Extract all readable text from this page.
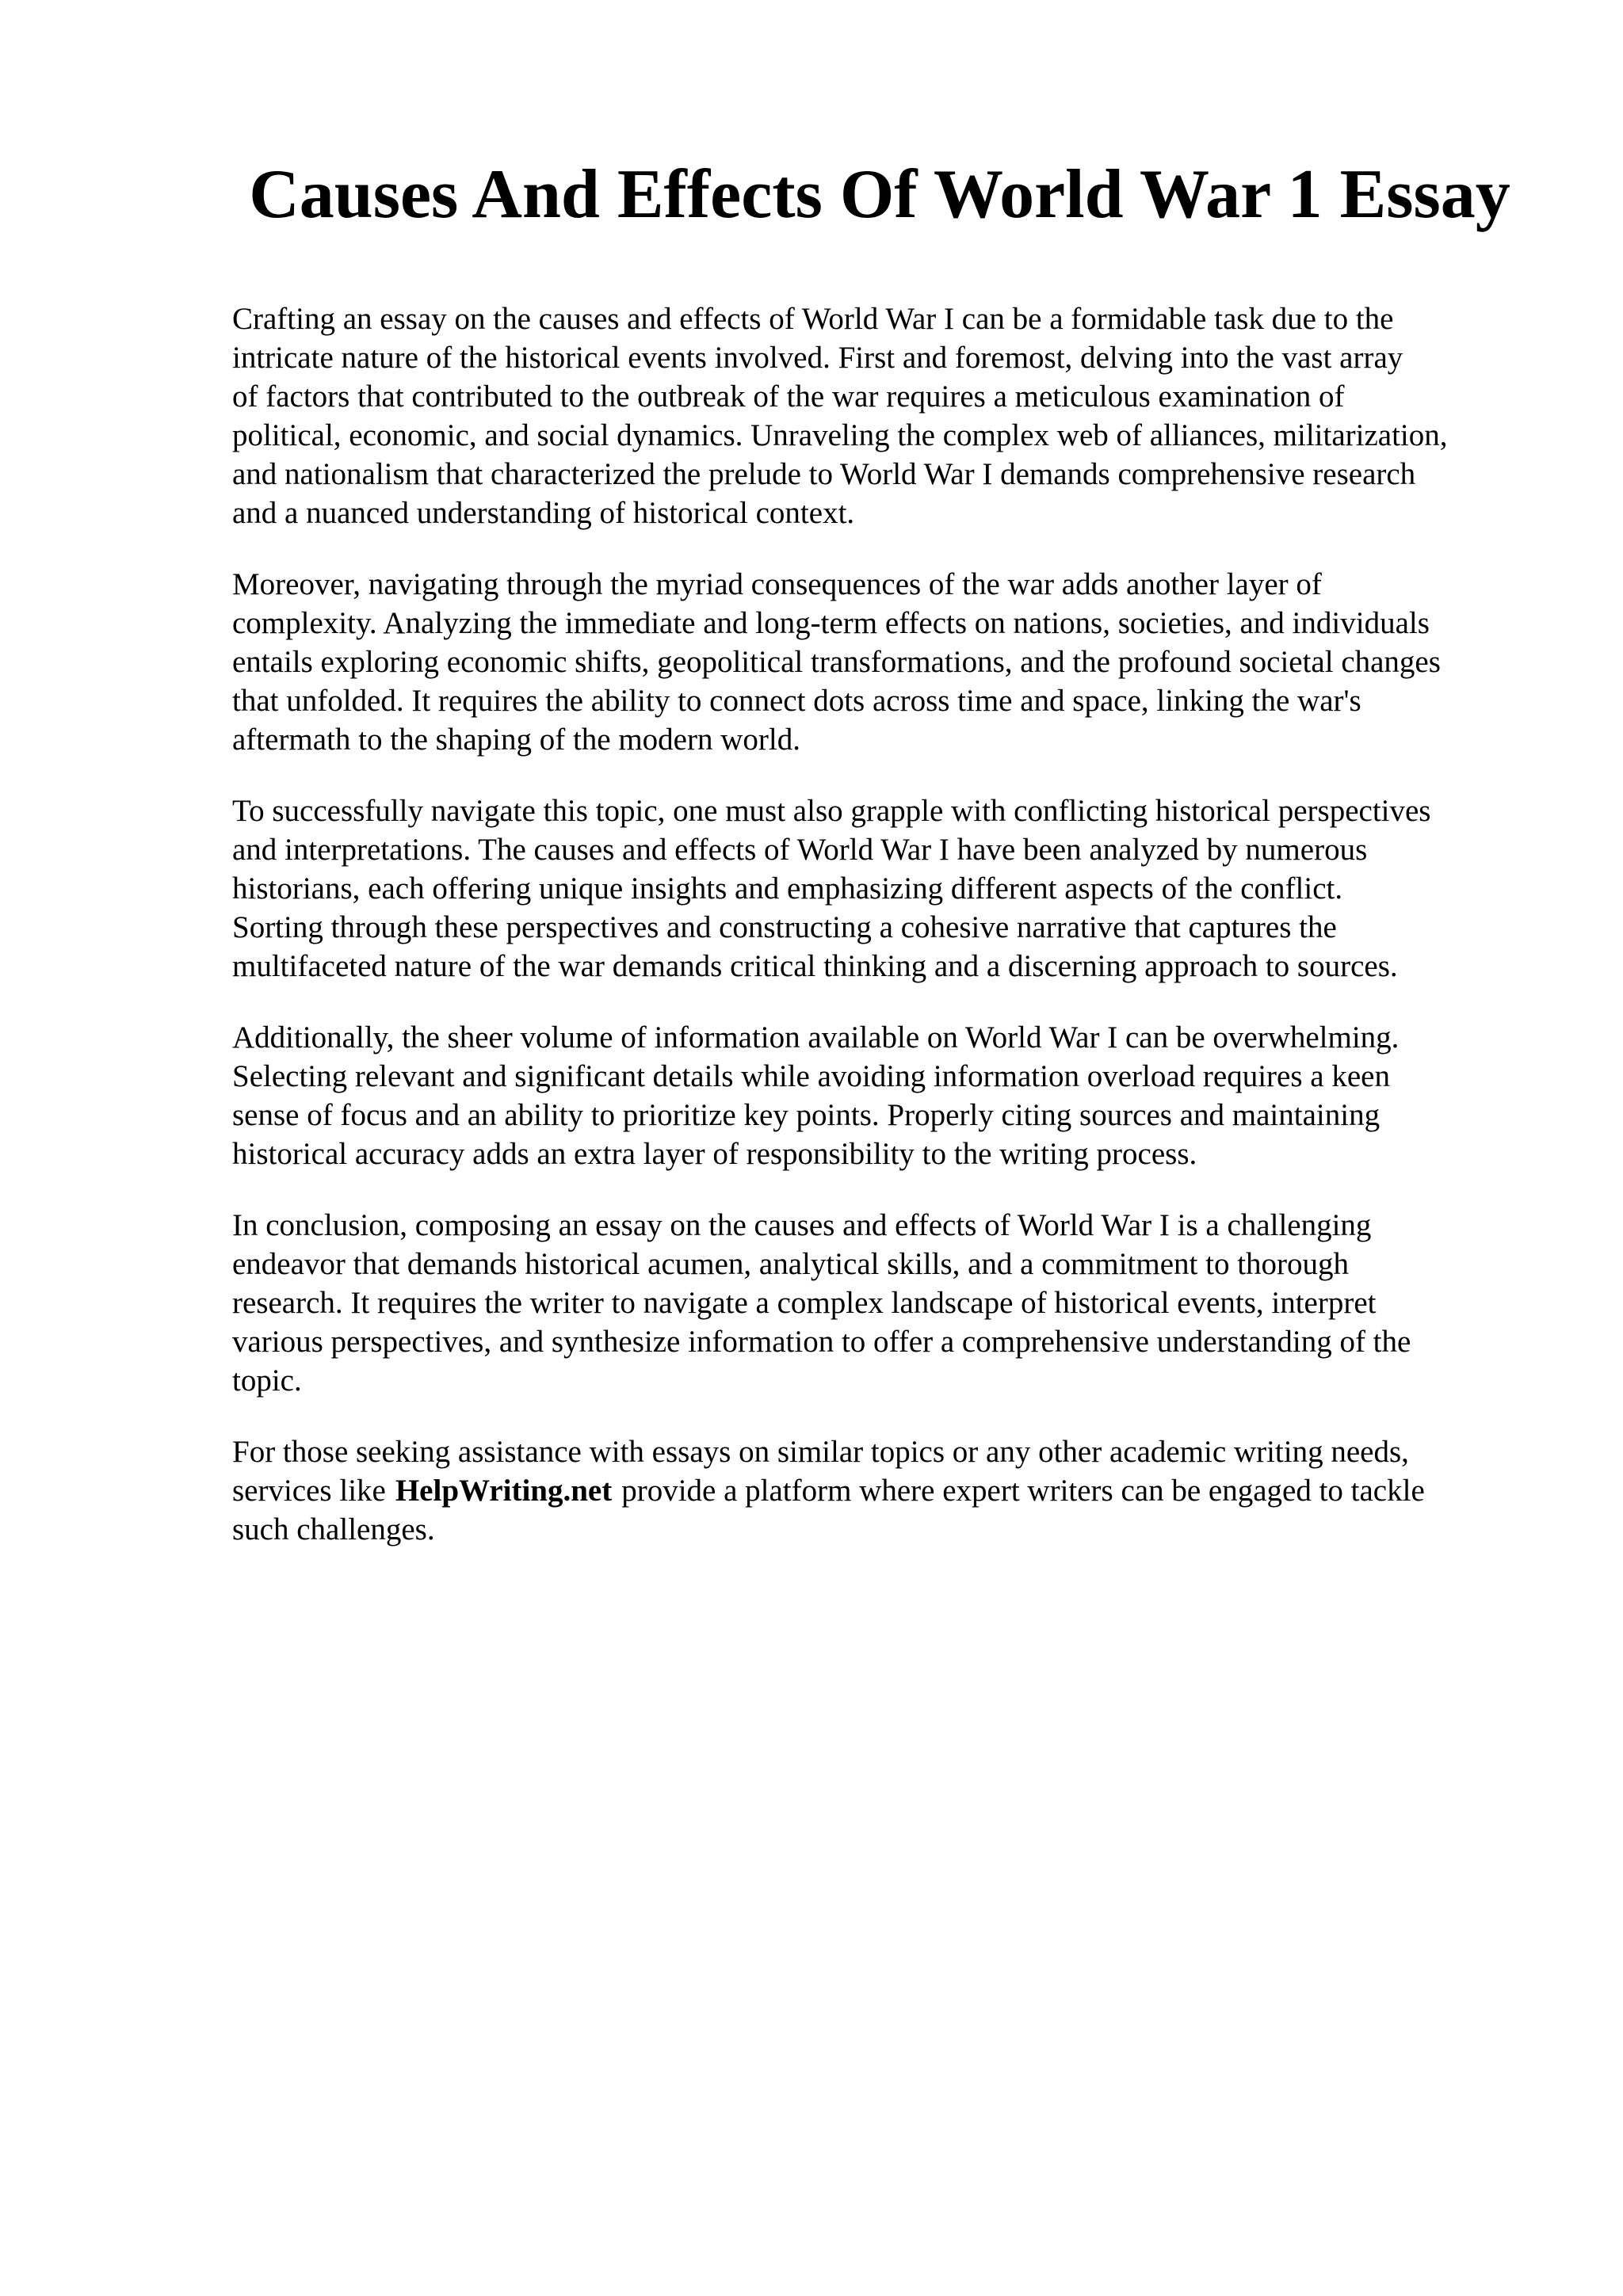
Causes And Effects Of World War 1 Essay

Crafting an essay on the causes and effects of World War I can be a formidable task due to the
intricate nature of the historical events involved. First and foremost, delving into the vast array
of factors that contributed to the outbreak of the war requires a meticulous examination of
political, economic, and social dynamics. Unraveling the complex web of alliances, militarization,
and nationalism that characterized the prelude to World War I demands comprehensive research
and a nuanced understanding of historical context.

Moreover, navigating through the myriad consequences of the war adds another layer of
complexity. Analyzing the immediate and long-term effects on nations, societies, and individuals
entails exploring economic shifts, geopolitical transformations, and the profound societal changes
that unfolded. It requires the ability to connect dots across time and space, linking the war's
aftermath to the shaping of the modern world.

To successfully navigate this topic, one must also grapple with conflicting historical perspectives
and interpretations. The causes and effects of World War I have been analyzed by numerous
historians, each offering unique insights and emphasizing different aspects of the conflict.
Sorting through these perspectives and constructing a cohesive narrative that captures the
multifaceted nature of the war demands critical thinking and a discerning approach to sources.

Additionally, the sheer volume of information available on World War I can be overwhelming.
Selecting relevant and significant details while avoiding information overload requires a keen
sense of focus and an ability to prioritize key points. Properly citing sources and maintaining
historical accuracy adds an extra layer of responsibility to the writing process.

In conclusion, composing an essay on the causes and effects of World War I is a challenging
endeavor that demands historical acumen, analytical skills, and a commitment to thorough
research. It requires the writer to navigate a complex landscape of historical events, interpret
various perspectives, and synthesize information to offer a comprehensive understanding of the
topic.

For those seeking assistance with essays on similar topics or any other academic writing needs,
services like HelpWriting.net provide a platform where expert writers can be engaged to tackle
such challenges.
